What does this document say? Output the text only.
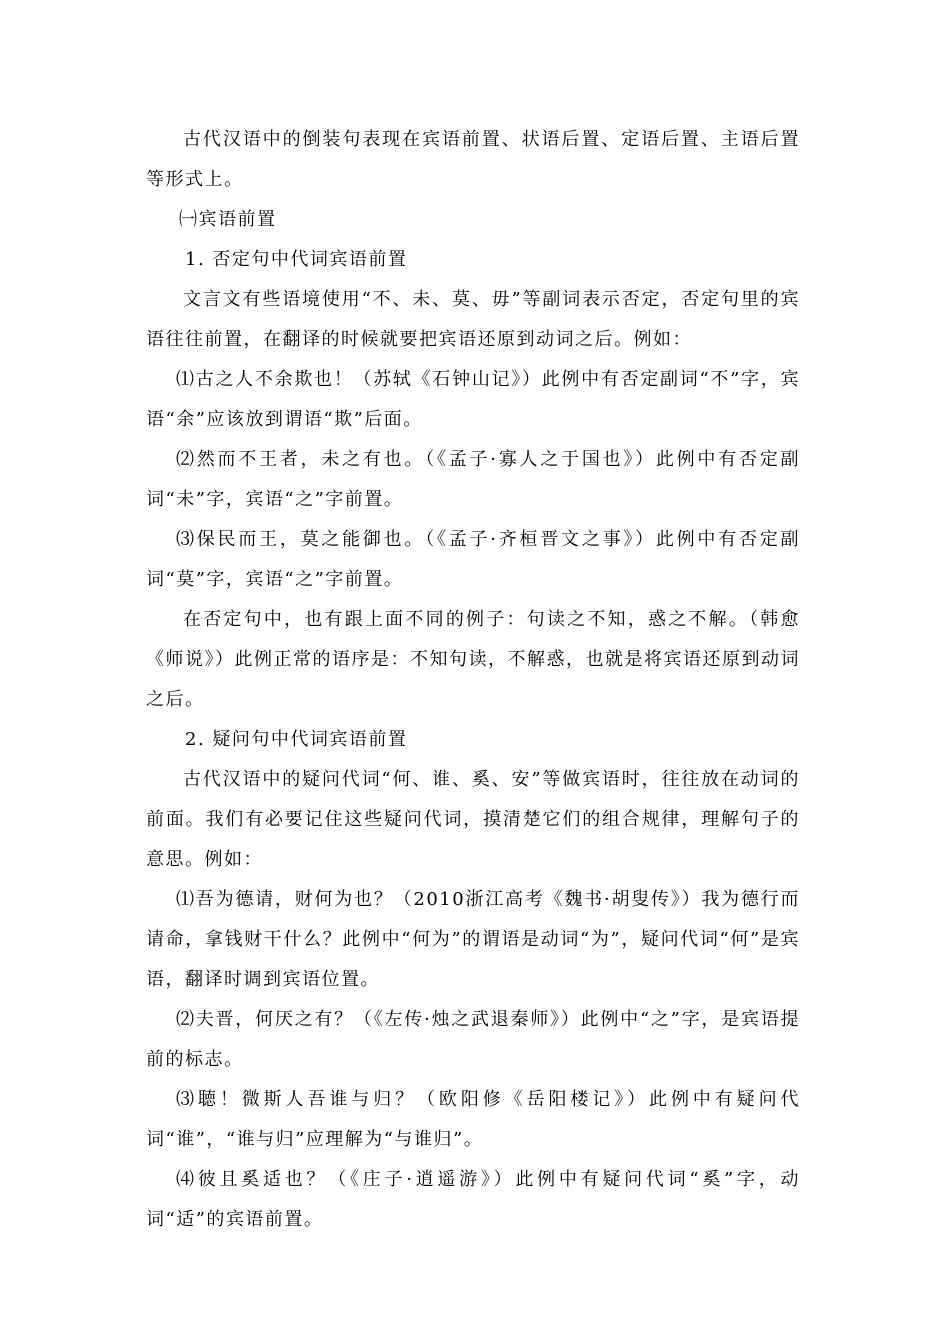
古代汉语中的倒装句表现在宾语前置、状语后置、定语后置、主语后置等形式上。

㈠宾语前置

1. 否定句中代词宾语前置

文言文有些语境使用“不、未、莫、毋”等副词表示否定，否定句里的宾语往往前置，在翻译的时候就要把宾语还原到动词之后。例如：

⑴古之人不余欺也！（苏轼《石钟山记》）此例中有否定副词“不”字，宾语“余”应该放到谓语“欺”后面。

⑵然而不王者，未之有也。（《孟子·寡人之于国也》）此例中有否定副词“未”字，宾语“之”字前置。

⑶保民而王，莫之能御也。（《孟子·齐桓晋文之事》）此例中有否定副词“莫”字，宾语“之”字前置。

在否定句中，也有跟上面不同的例子：句读之不知，惑之不解。（韩愈《师说》）此例正常的语序是：不知句读，不解惑，也就是将宾语还原到动词之后。

2. 疑问句中代词宾语前置

古代汉语中的疑问代词“何、谁、奚、安”等做宾语时，往往放在动词的前面。我们有必要记住这些疑问代词，摸清楚它们的组合规律，理解句子的意思。例如：

⑴吾为德请，财何为也？（2010浙江高考《魏书·胡叟传》）我为德行而请命，拿钱财干什么？此例中“何为”的谓语是动词“为”，疑问代词“何”是宾语，翻译时调到宾语位置。

⑵夫晋，何厌之有？（《左传·烛之武退秦师》）此例中“之”字，是宾语提前的标志。

⑶聴！微斯人吾谁与归？（欧阳修《岳阳楼记》）此例中有疑问代词“谁”，“谁与归”应理解为“与谁归”。

⑷彼且奚适也？（《庄子·逍遥游》）此例中有疑问代词“奚”字，动词“适”的宾语前置。
